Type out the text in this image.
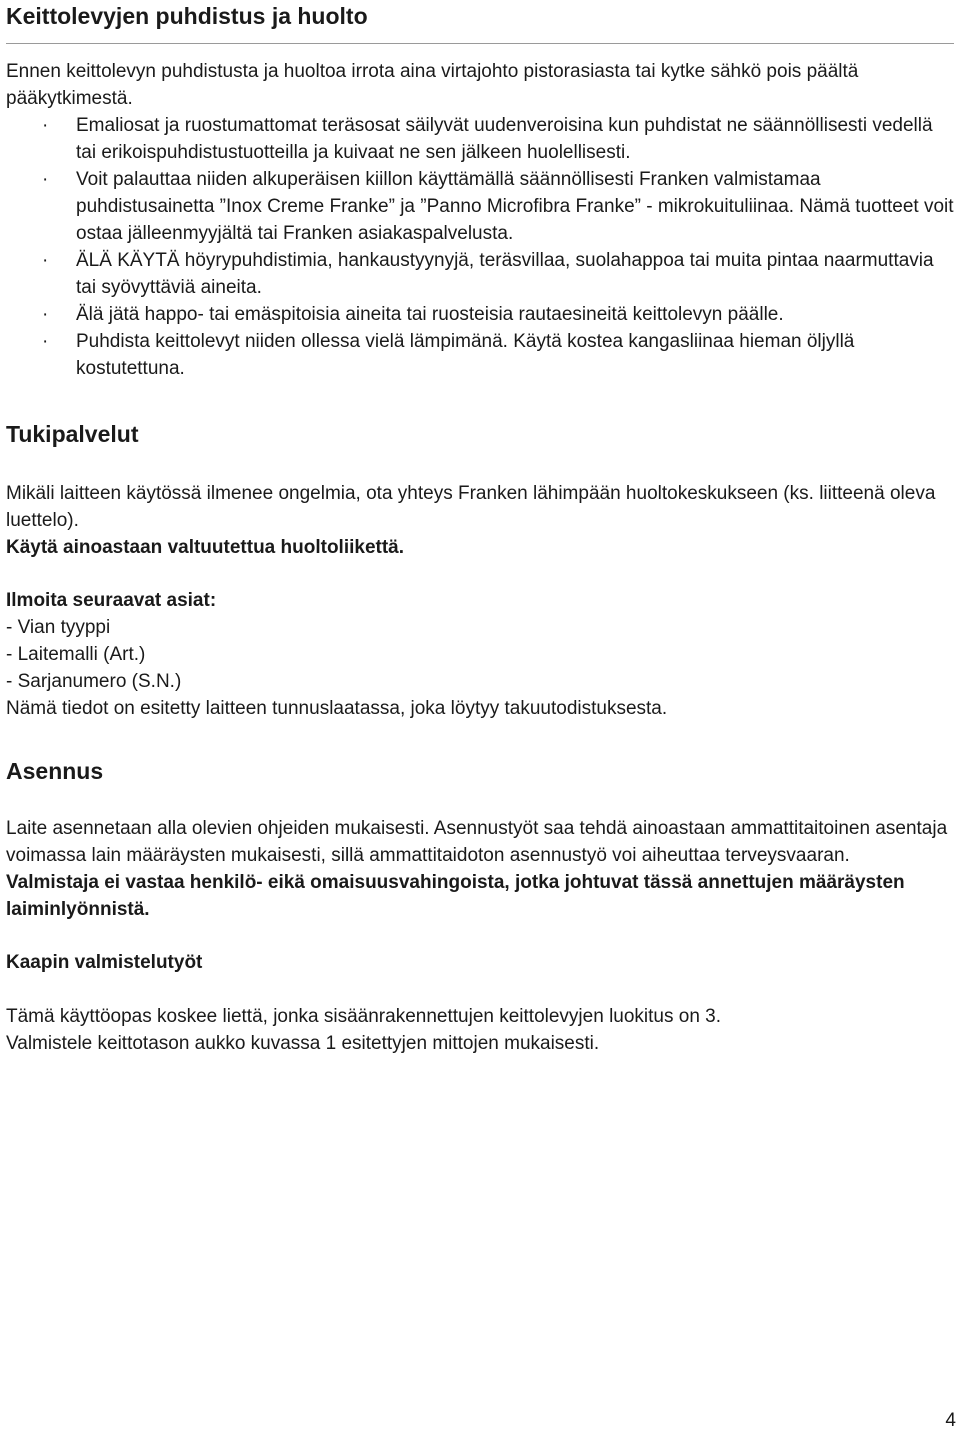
Keittolevyjen puhdistus ja huolto

Ennen keittolevyn puhdistusta ja huoltoa irrota aina virtajohto pistorasiasta tai kytke sähkö pois päältä pääkytkimestä.

· Emaliosat ja ruostumattomat teräsosat säilyvät uudenveroisina kun puhdistat ne säännöllisesti vedellä tai erikoispuhdistustuotteilla ja kuivaat ne sen jälkeen huolellisesti.
· Voit palauttaa niiden alkuperäisen kiillon käyttämällä säännöllisesti Franken valmistamaa puhdistusainetta ”Inox Creme Franke” ja ”Panno Microfibra Franke” - mikrokuituliinaa. Nämä tuotteet voit ostaa jälleenmyyjältä tai Franken asiakaspalvelusta.
· ÄLÄ KÄYTÄ höyrypuhdistimia, hankaustyynyjä, teräsvillaa, suolahappoa tai muita pintaa naarmuttavia tai syövyttäviä aineita.
· Älä jätä happo- tai emäspitoisia aineita tai ruosteisia rautaesineitä keittolevyn päälle.
· Puhdista keittolevyt niiden ollessa vielä lämpimänä. Käytä kostea kangasliinaa hieman öljyllä kostutettuna.
Tukipalvelut

Mikäli laitteen käytössä ilmenee ongelmia, ota yhteys Franken lähimpään huoltokeskukseen (ks. liitteenä oleva luettelo).

Käytä ainoastaan valtuutettua huoltoliikettä.

Ilmoita seuraavat asiat:

- Vian tyyppi

- Laitemalli (Art.)

- Sarjanumero (S.N.)

Nämä tiedot on esitetty laitteen tunnuslaatassa, joka löytyy takuutodistuksesta.

Asennus

Laite asennetaan alla olevien ohjeiden mukaisesti. Asennustyöt saa tehdä ainoastaan ammattitaitoinen asentaja voimassa lain määräysten mukaisesti, sillä ammattitaidoton asennustyö voi aiheuttaa terveysvaaran.

Valmistaja ei vastaa henkilö- eikä omaisuusvahingoista, jotka johtuvat tässä annettujen määräysten laiminlyönnistä.

Kaapin valmistelutyöt

Tämä käyttöopas koskee liettä, jonka sisäänrakennettujen keittolevyjen luokitus on 3.

Valmistele keittotason aukko kuvassa 1 esitettyjen mittojen mukaisesti.

4
